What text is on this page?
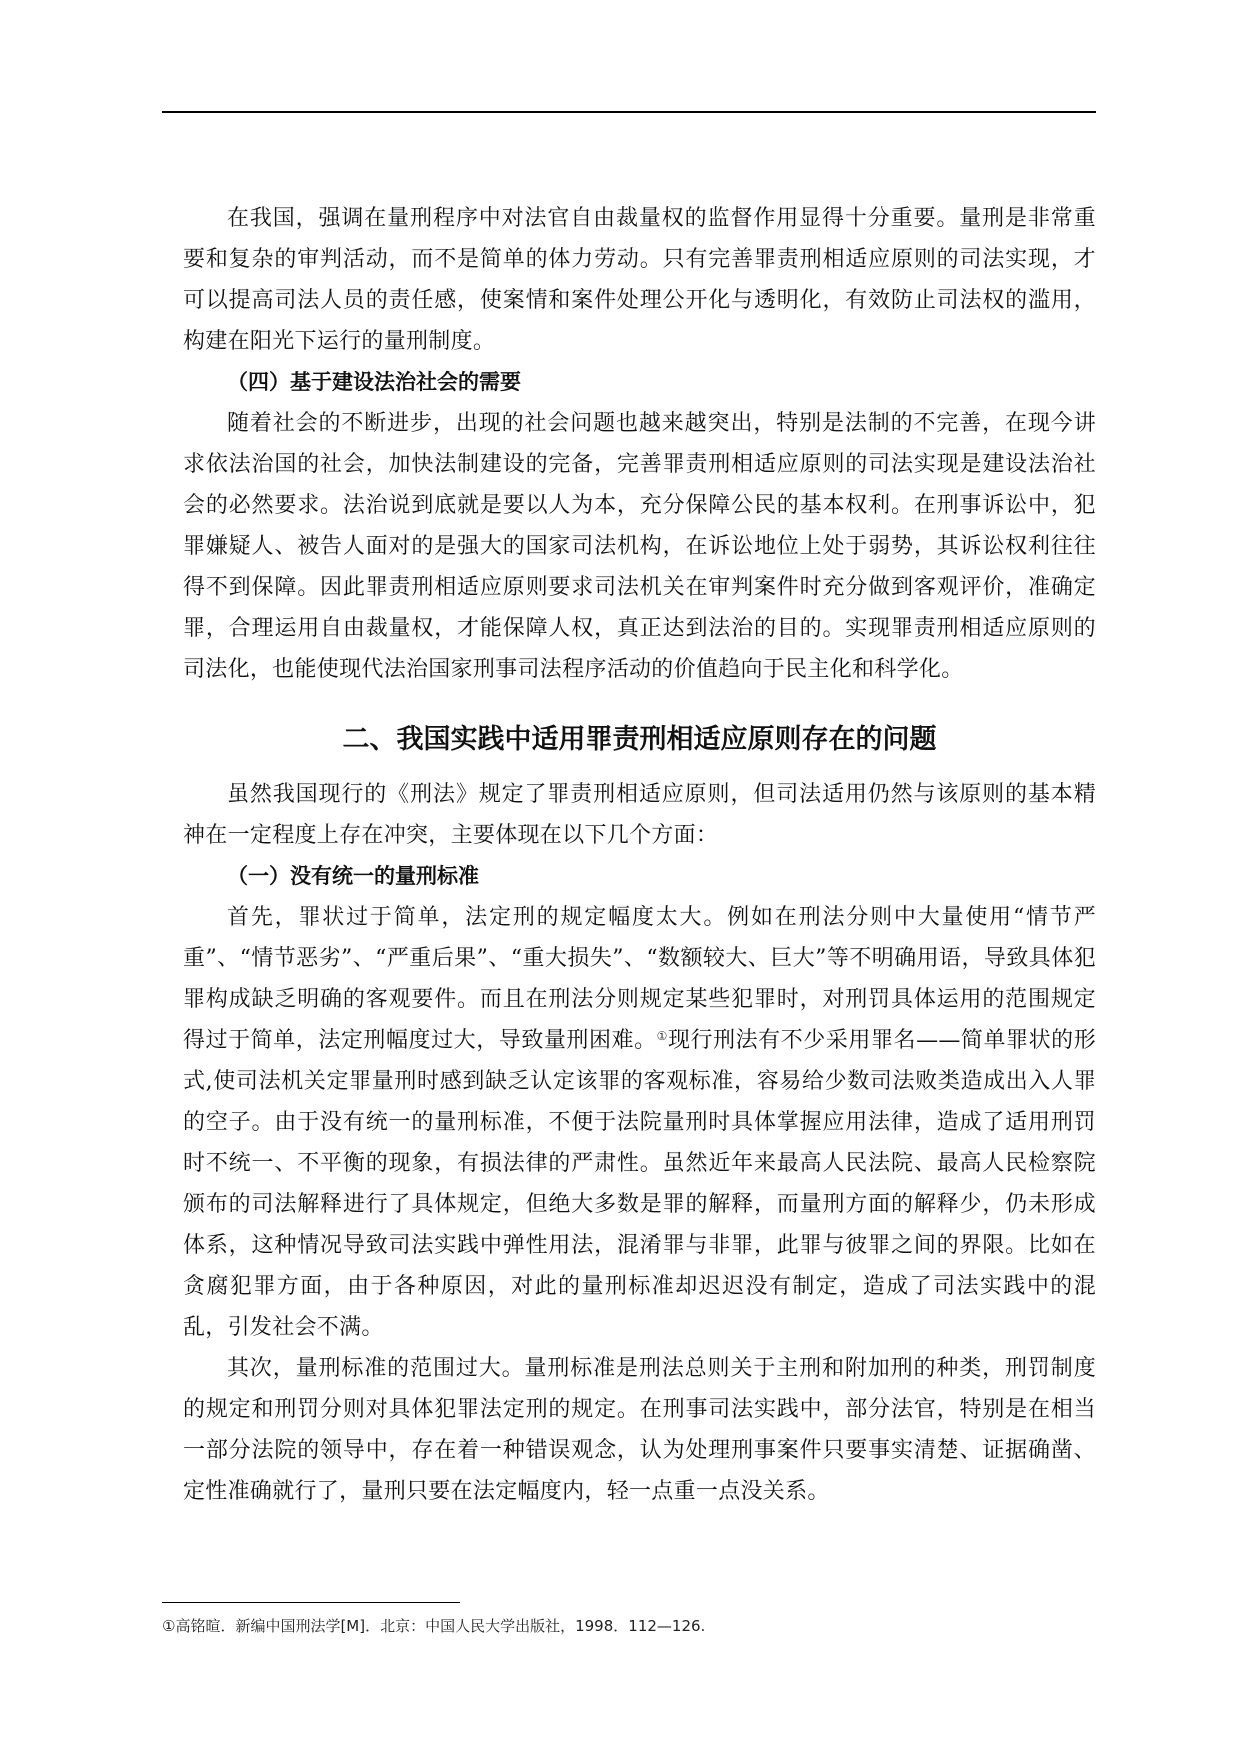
在我国，强调在量刑程序中对法官自由裁量权的监督作用显得十分重要。量刑是非常重要和复杂的审判活动，而不是简单的体力劳动。只有完善罪责刑相适应原则的司法实现，才可以提高司法人员的责任感，使案情和案件处理公开化与透明化，有效防止司法权的滥用，构建在阳光下运行的量刑制度。

（四）基于建设法治社会的需要

随着社会的不断进步，出现的社会问题也越来越突出，特别是法制的不完善，在现今讲求依法治国的社会，加快法制建设的完备，完善罪责刑相适应原则的司法实现是建设法治社会的必然要求。法治说到底就是要以人为本，充分保障公民的基本权利。在刑事诉讼中，犯罪嫌疑人、被告人面对的是强大的国家司法机构，在诉讼地位上处于弱势，其诉讼权利往往得不到保障。因此罪责刑相适应原则要求司法机关在审判案件时充分做到客观评价，准确定罪，合理运用自由裁量权，才能保障人权，真正达到法治的目的。实现罪责刑相适应原则的司法化，也能使现代法治国家刑事司法程序活动的价值趋向于民主化和科学化。

二、我国实践中适用罪责刑相适应原则存在的问题

虽然我国现行的《刑法》规定了罪责刑相适应原则，但司法适用仍然与该原则的基本精神在一定程度上存在冲突，主要体现在以下几个方面：

（一）没有统一的量刑标准

首先，罪状过于简单，法定刑的规定幅度太大。例如在刑法分则中大量使用“情节严重”、“情节恶劣”、“严重后果”、“重大损失”、“数额较大、巨大”等不明确用语，导致具体犯罪构成缺乏明确的客观要件。而且在刑法分则规定某些犯罪时，对刑罚具体运用的范围规定得过于简单，法定刑幅度过大，导致量刑困难。①现行刑法有不少采用罪名——简单罪状的形式,使司法机关定罪量刑时感到缺乏认定该罪的客观标准，容易给少数司法败类造成出入人罪的空子。由于没有统一的量刑标准，不便于法院量刑时具体掌握应用法律，造成了适用刑罚时不统一、不平衡的现象，有损法律的严肃性。虽然近年来最高人民法院、最高人民检察院颁布的司法解释进行了具体规定，但绝大多数是罪的解释，而量刑方面的解释少，仍未形成体系，这种情况导致司法实践中弹性用法，混淆罪与非罪，此罪与彼罪之间的界限。比如在贪腐犯罪方面，由于各种原因，对此的量刑标准却迟迟没有制定，造成了司法实践中的混乱，引发社会不满。

其次，量刑标准的范围过大。量刑标准是刑法总则关于主刑和附加刑的种类，刑罚制度的规定和刑罚分则对具体犯罪法定刑的规定。在刑事司法实践中，部分法官，特别是在相当一部分法院的领导中，存在着一种错误观念，认为处理刑事案件只要事实清楚、证据确凿、定性准确就行了，量刑只要在法定幅度内，轻一点重一点没关系。

①高铭暄．新编中国刑法学[M]．北京：中国人民大学出版社，1998．112—126.
